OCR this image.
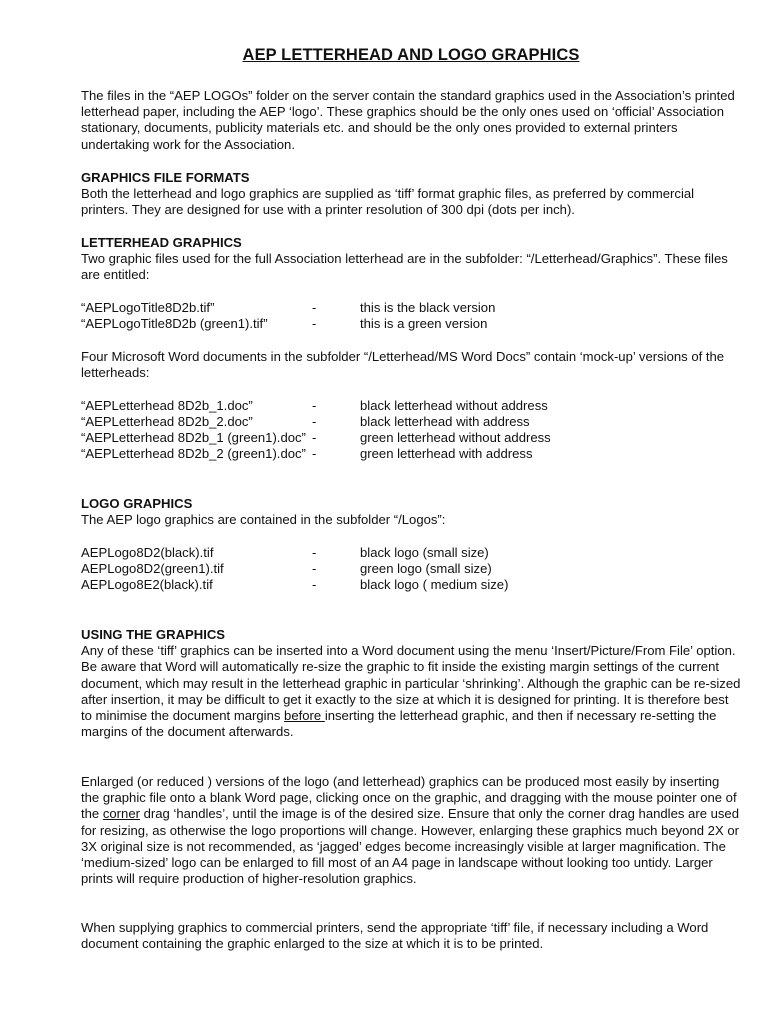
AEP LETTERHEAD AND LOGO GRAPHICS

The files in the “AEP LOGOs” folder on the server contain the standard graphics used in the Association’s printed letterhead paper, including the AEP ‘logo’. These graphics should be the only ones used on ‘official’ Association stationary, documents, publicity materials etc. and should be the only ones provided to external printers undertaking work for the Association.

GRAPHICS FILE FORMATS
Both the letterhead and logo graphics are supplied as ‘tiff’ format graphic files, as preferred by commercial printers. They are designed for use with a printer resolution of 300 dpi (dots per inch).
LETTERHEAD GRAPHICS
Two graphic files used for the full Association letterhead are in the subfolder: “/Letterhead/Graphics”. These files are entitled:
“AEPLogoTitle8D2b.tif”	-	this is the black version
“AEPLogoTitle8D2b (green1).tif”	-	this is a green version

Four Microsoft Word documents in the subfolder “/Letterhead/MS Word Docs” contain ‘mock-up’ versions of the letterheads:

“AEPLetterhead 8D2b_1.doc”	-	black letterhead without address
“AEPLetterhead 8D2b_2.doc”	-	black letterhead with address
“AEPLetterhead 8D2b_1 (green1).doc” -	green letterhead without address
“AEPLetterhead 8D2b_2 (green1).doc” -	green letterhead with address
LOGO GRAPHICS
The AEP logo graphics are contained in the subfolder “/Logos”:
AEPLogo8D2(black).tif	-	black logo (small size)
AEPLogo8D2(green1).tif	-	green logo (small size)
AEPLogo8E2(black).tif	-	black logo ( medium size)
USING THE GRAPHICS
Any of these ‘tiff’ graphics can be inserted into a Word document using the menu ‘Insert/Picture/From File’ option. Be aware that Word will automatically re-size the graphic to fit inside the existing margin settings of the current document, which may result in the letterhead graphic in particular ‘shrinking’. Although the graphic can be re-sized after insertion, it may be difficult to get it exactly to the size at which it is designed for printing. It is therefore best to minimise the document margins before inserting the letterhead graphic, and then if necessary re-setting the margins of the document afterwards.

Enlarged (or reduced ) versions of the logo (and letterhead) graphics can be produced most easily by inserting the graphic file onto a blank Word page, clicking once on the graphic, and dragging with the mouse pointer one of the corner drag ‘handles’, until the image is of the desired size. Ensure that only the corner drag handles are used for resizing, as otherwise the logo proportions will change. However, enlarging these graphics much beyond 2X or 3X original size is not recommended, as ‘jagged’ edges become increasingly visible at larger magnification. The ‘medium-sized’ logo can be enlarged to fill most of an A4 page in landscape without looking too untidy. Larger prints will require production of higher-resolution graphics.

When supplying graphics to commercial printers, send the appropriate ‘tiff’ file, if necessary including a Word document containing the graphic enlarged to the size at which it is to be printed.
